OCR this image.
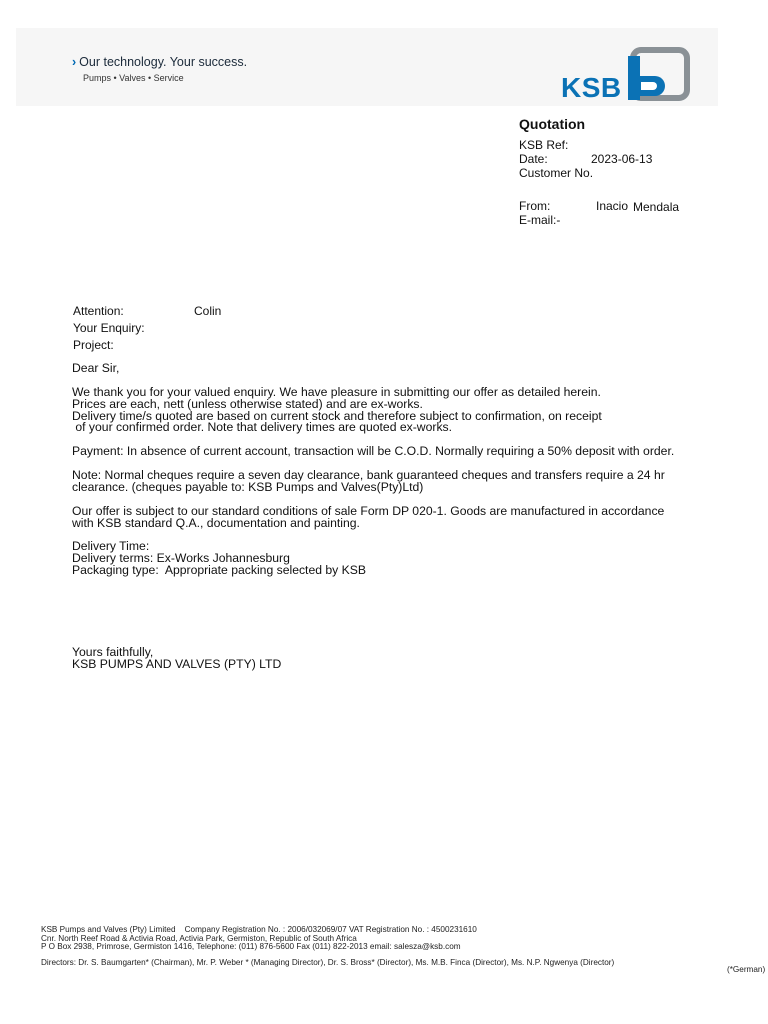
› Our technology. Your success.
Pumps • Valves • Service	KSB
Quotation
KSB Ref:
Date:	2023-06-13
Customer No.
From:	Inacio Mendala
E-mail:-
Attention:	Colin
Your Enquiry:
Project:
Dear Sir,
We thank you for your valued enquiry. We have pleasure in submitting our offer as detailed herein.
Prices are each, nett (unless otherwise stated) and are ex-works.
Delivery time/s quoted are based on current stock and therefore subject to confirmation, on receipt
of your confirmed order. Note that delivery times are quoted ex-works.
Payment: In absence of current account, transaction will be C.O.D. Normally requiring a 50% deposit with order.
Note: Normal cheques require a seven day clearance, bank guaranteed cheques and transfers require a 24 hr
clearance. (cheques payable to: KSB Pumps and Valves(Pty)Ltd)
Our offer is subject to our standard conditions of sale Form DP 020-1. Goods are manufactured in accordance
with KSB standard Q.A., documentation and painting.
Delivery Time:
Delivery terms: Ex-Works Johannesburg
Packaging type:  Appropriate packing selected by KSB
Yours faithfully,
KSB PUMPS AND VALVES (PTY) LTD
KSB Pumps and Valves (Pty) Limited    Company Registration No. : 2006/032069/07 VAT Registration No. : 4500231610
Cnr. North Reef Road & Activia Road, Activia Park, Germiston, Republic of South Africa
P O Box 2938, Primrose, Germiston 1416, Telephone: (011) 876-5600 Fax (011) 822-2013 email: salesza@ksb.com
Directors: Dr. S. Baumgarten* (Chairman), Mr. P. Weber * (Managing Director), Dr. S. Bross* (Director), Ms. M.B. Finca (Director), Ms. N.P. Ngwenya (Director)
(*German)
